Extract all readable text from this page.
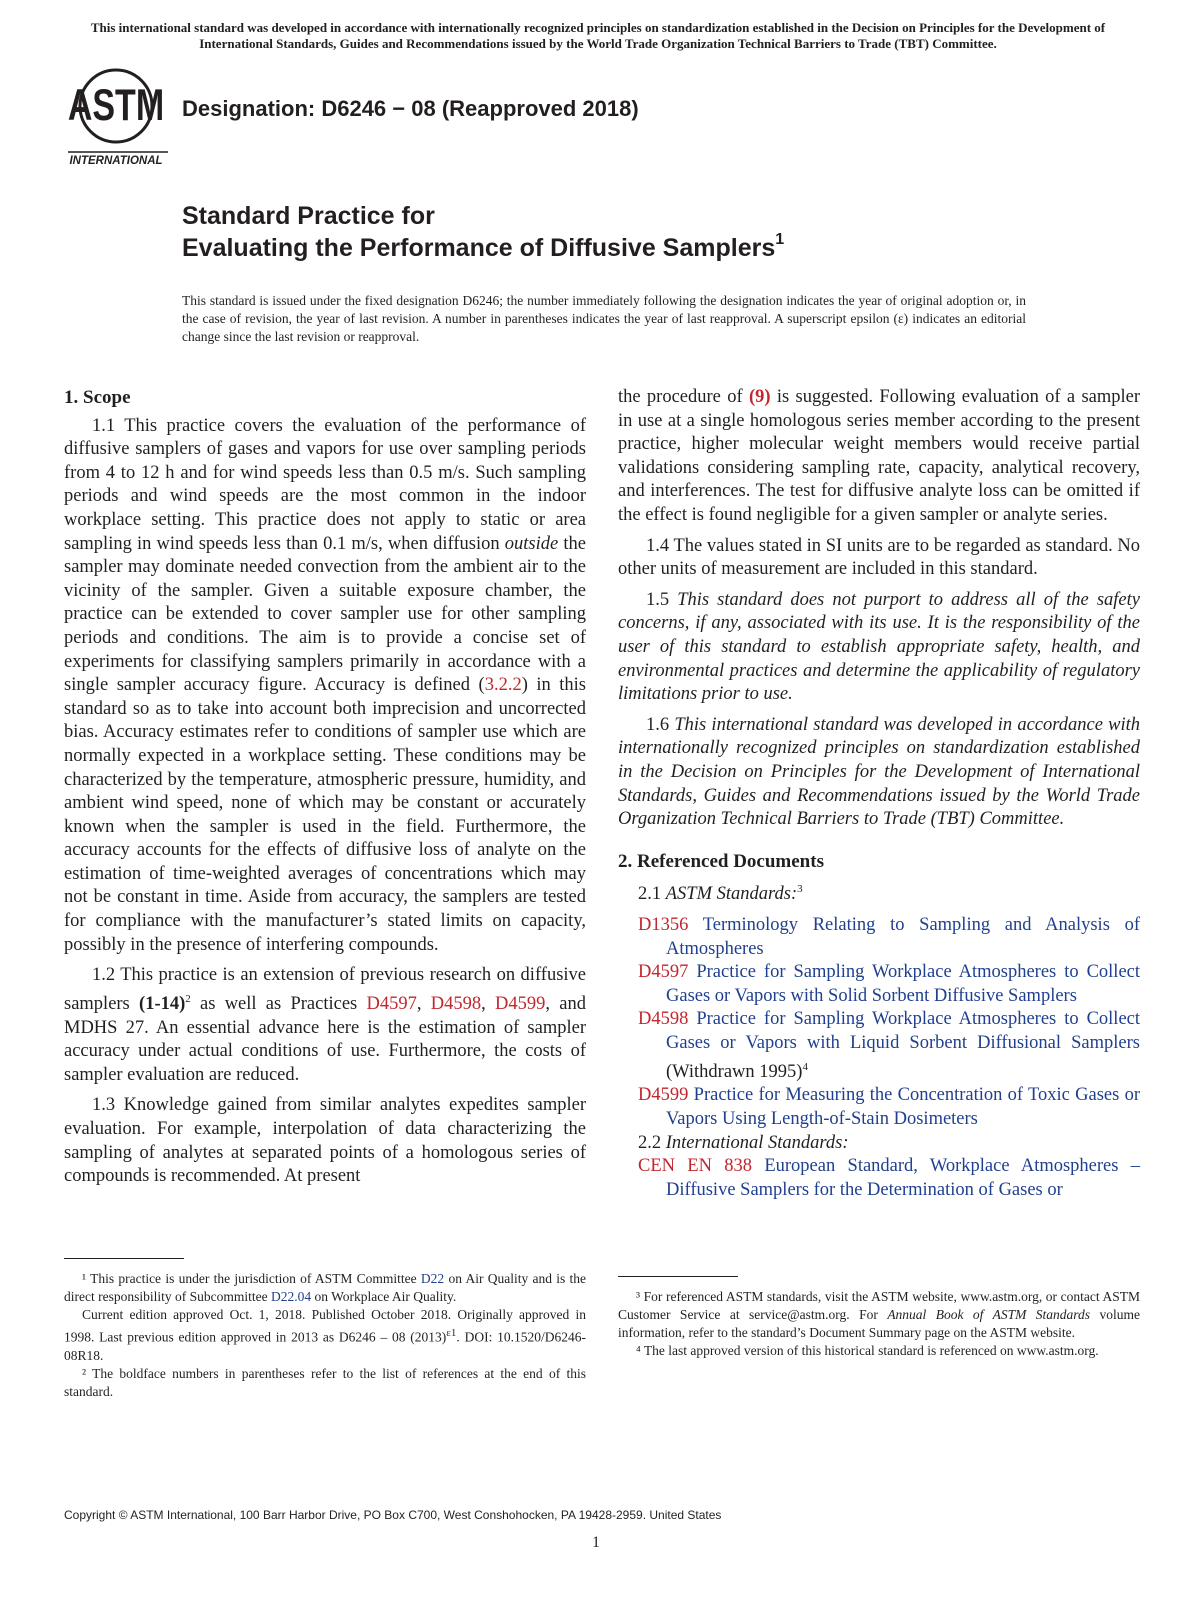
This international standard was developed in accordance with internationally recognized principles on standardization established in the Decision on Principles for the Development of International Standards, Guides and Recommendations issued by the World Trade Organization Technical Barriers to Trade (TBT) Committee.
ASTM
INTERNATIONAL
Designation: D6246 − 08 (Reapproved 2018)
Standard Practice for
Evaluating the Performance of Diffusive Samplers$^1$
This standard is issued under the fixed designation D6246; the number immediately following the designation indicates the year of original adoption or, in the case of revision, the year of last revision. A number in parentheses indicates the year of last reapproval. A superscript epsilon (ε) indicates an editorial change since the last revision or reapproval.
1. Scope

1.1 This practice covers the evaluation of the performance of diffusive samplers of gases and vapors for use over sampling periods from 4 to 12 h and for wind speeds less than 0.5 m/s. Such sampling periods and wind speeds are the most common in the indoor workplace setting. This practice does not apply to static or area sampling in wind speeds less than 0.1 m/s, when diffusion outside the sampler may dominate needed convection from the ambient air to the vicinity of the sampler. Given a suitable exposure chamber, the practice can be extended to cover sampler use for other sampling periods and conditions. The aim is to provide a concise set of experiments for classifying samplers primarily in accordance with a single sampler accuracy figure. Accuracy is defined (3.2.2) in this standard so as to take into account both imprecision and uncorrected bias. Accuracy estimates refer to conditions of sampler use which are normally expected in a workplace setting. These conditions may be characterized by the temperature, atmospheric pressure, humidity, and ambient wind speed, none of which may be constant or accurately known when the sampler is used in the field. Furthermore, the accuracy accounts for the effects of diffusive loss of analyte on the estimation of time-weighted averages of concentrations which may not be constant in time. Aside from accuracy, the samplers are tested for compliance with the manufacturer’s stated limits on capacity, possibly in the presence of interfering compounds.

1.2 This practice is an extension of previous research on diffusive samplers $(1-14)^2$ as well as Practices D4597, D4598, D4599, and MDHS 27. An essential advance here is the estimation of sampler accuracy under actual conditions of use. Furthermore, the costs of sampler evaluation are reduced.

1.3 Knowledge gained from similar analytes expedites sampler evaluation. For example, interpolation of data characterizing the sampling of analytes at separated points of a homologous series of compounds is recommended. At present

the procedure of (9) is suggested. Following evaluation of a sampler in use at a single homologous series member according to the present practice, higher molecular weight members would receive partial validations considering sampling rate, capacity, analytical recovery, and interferences. The test for diffusive analyte loss can be omitted if the effect is found negligible for a given sampler or analyte series.

1.4 The values stated in SI units are to be regarded as standard. No other units of measurement are included in this standard.

1.5 This standard does not purport to address all of the safety concerns, if any, associated with its use. It is the responsibility of the user of this standard to establish appropriate safety, health, and environmental practices and determine the applicability of regulatory limitations prior to use.

1.6 This international standard was developed in accordance with internationally recognized principles on standardization established in the Decision on Principles for the Development of International Standards, Guides and Recommendations issued by the World Trade Organization Technical Barriers to Trade (TBT) Committee.

2. Referenced Documents

2.1 ASTM Standards:$^3$

D1356 Terminology Relating to Sampling and Analysis of Atmospheres
D4597 Practice for Sampling Workplace Atmospheres to Collect Gases or Vapors with Solid Sorbent Diffusive Samplers
D4598 Practice for Sampling Workplace Atmospheres to Collect Gases or Vapors with Liquid Sorbent Diffusional Samplers (Withdrawn 1995)$^4$
D4599 Practice for Measuring the Concentration of Toxic Gases or Vapors Using Length-of-Stain Dosimeters

2.2 International Standards:

CEN EN 838 European Standard, Workplace Atmospheres – Diffusive Samplers for the Determination of Gases or

¹ This practice is under the jurisdiction of ASTM Committee D22 on Air Quality and is the direct responsibility of Subcommittee D22.04 on Workplace Air Quality.

Current edition approved Oct. 1, 2018. Published October 2018. Originally approved in 1998. Last previous edition approved in 2013 as D6246 – 08 $(2013)^{\varepsilon 1}$. DOI: 10.1520/D6246-08R18.

² The boldface numbers in parentheses refer to the list of references at the end of this standard.

³ For referenced ASTM standards, visit the ASTM website, www.astm.org, or contact ASTM Customer Service at service@astm.org. For Annual Book of ASTM Standards volume information, refer to the standard’s Document Summary page on the ASTM website.

⁴ The last approved version of this historical standard is referenced on www.astm.org.

Copyright © ASTM International, 100 Barr Harbor Drive, PO Box C700, West Conshohocken, PA 19428-2959. United States
1
